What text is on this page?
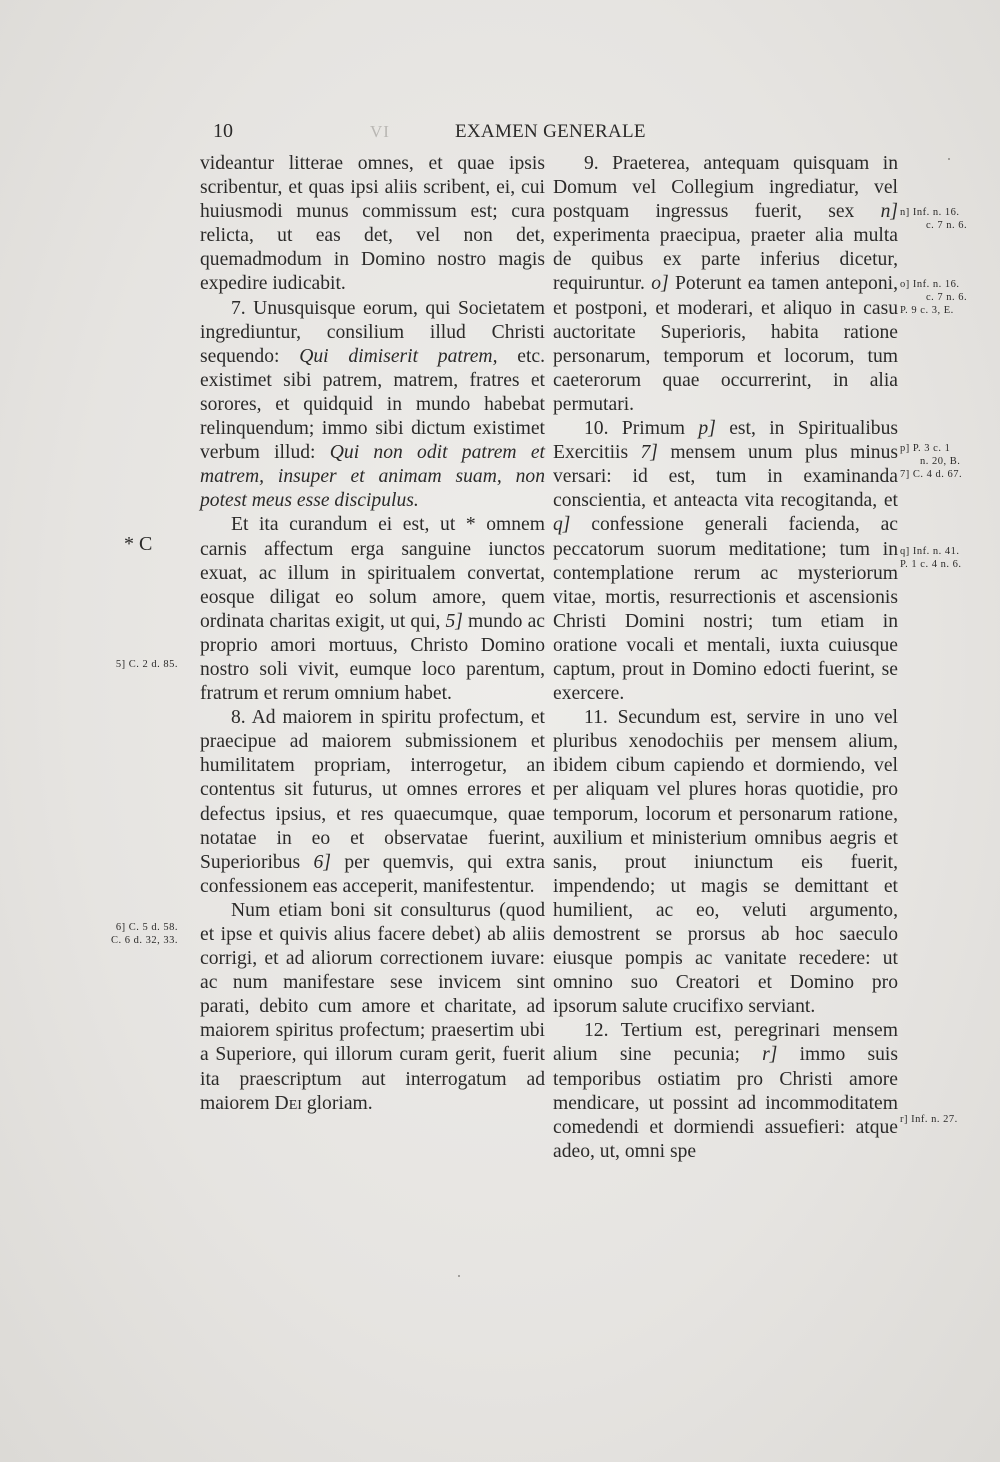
VI
10	EXAMEN GENERALE

videantur litterae omnes, et quae ipsis scribentur, et quas ipsi aliis scribent, ei, cui huiusmodi munus commissum est; cura relicta, ut eas det, vel non det, quemadmodum in Domino nostro magis expedire iudicabit.

7. Unusquisque eorum, qui Societatem ingrediuntur, consilium illud Christi sequendo: Qui dimiserit patrem, etc. existimet sibi patrem, matrem, fratres et sorores, et quidquid in mundo habebat relinquendum; immo sibi dictum existimet verbum illud: Qui non odit patrem et matrem, insuper et animam suam, non potest meus esse discipulus.

Et ita curandum ei est, ut * omnem carnis affectum erga sanguine iunctos exuat, ac illum in spiritualem convertat, eosque diligat eo solum amore, quem ordinata charitas exigit, ut qui, 5] mundo ac proprio amori mortuus, Christo Domino nostro soli vivit, eumque loco parentum, fratrum et rerum omnium habet.

8. Ad maiorem in spiritu profectum, et praecipue ad maiorem submissionem et humilitatem propriam, interrogetur, an contentus sit futurus, ut omnes errores et defectus ipsius, et res quaecumque, quae notatae in eo et observatae fuerint, Superioribus 6] per quemvis, qui extra confessionem eas acceperit, manifestentur.

Num etiam boni sit consulturus (quod et ipse et quivis alius facere debet) ab aliis corrigi, et ad aliorum correctionem iuvare: ac num manifestare sese invicem sint parati, debito cum amore et charitate, ad maiorem spiritus profectum; praesertim ubi a Superiore, qui illorum curam gerit, fuerit ita praescriptum aut interrogatum ad maiorem Dei gloriam.

9. Praeterea, antequam quisquam in Domum vel Collegium ingrediatur, vel postquam ingressus fuerit, sex n] experimenta praecipua, praeter alia multa de quibus ex parte inferius dicetur, requiruntur. o] Poterunt ea tamen anteponi, et postponi, et moderari, et aliquo in casu auctoritate Superioris, habita ratione personarum, temporum et locorum, tum caeterorum quae occurrerint, in alia permutari.

10. Primum p] est, in Spiritualibus Exercitiis 7] mensem unum plus minus versari: id est, tum in examinanda conscientia, et anteacta vita recogitanda, et q] confessione generali facienda, ac peccatorum suorum meditatione; tum in contemplatione rerum ac mysteriorum vitae, mortis, resurrectionis et ascensionis Christi Domini nostri; tum etiam in oratione vocali et mentali, iuxta cuiusque captum, prout in Domino edocti fuerint, se exercere.

11. Secundum est, servire in uno vel pluribus xenodochiis per mensem alium, ibidem cibum capiendo et dormiendo, vel per aliquam vel plures horas quotidie, pro temporum, locorum et personarum ratione, auxilium et ministerium omnibus aegris et sanis, prout iniunctum eis fuerit, impendendo; ut magis se demittant et humilient, ac eo, veluti argumento, demostrent se prorsus ab hoc saeculo eiusque pompis ac vanitate recedere: ut omnino suo Creatori et Domino pro ipsorum salute crucifixo serviant.

12. Tertium est, peregrinari mensem alium sine pecunia; r] immo suis temporibus ostiatim pro Christi amore mendicare, ut possint ad incommoditatem comedendi et dormiendi assuefieri: atque adeo, ut, omni spe

* C
5] C. 2 d. 85.
6] C. 5 d. 58.
C. 6 d. 32, 33.
n] Inf. n. 16.
c. 7 n. 6.
o] Inf. n. 16.
c. 7 n. 6.
P. 9 c. 3, E.
p] P. 3 c. 1
n. 20, B.
7] C. 4 d. 67.
q] Inf. n. 41.
P. 1 c. 4 n. 6.
r] Inf. n. 27.
